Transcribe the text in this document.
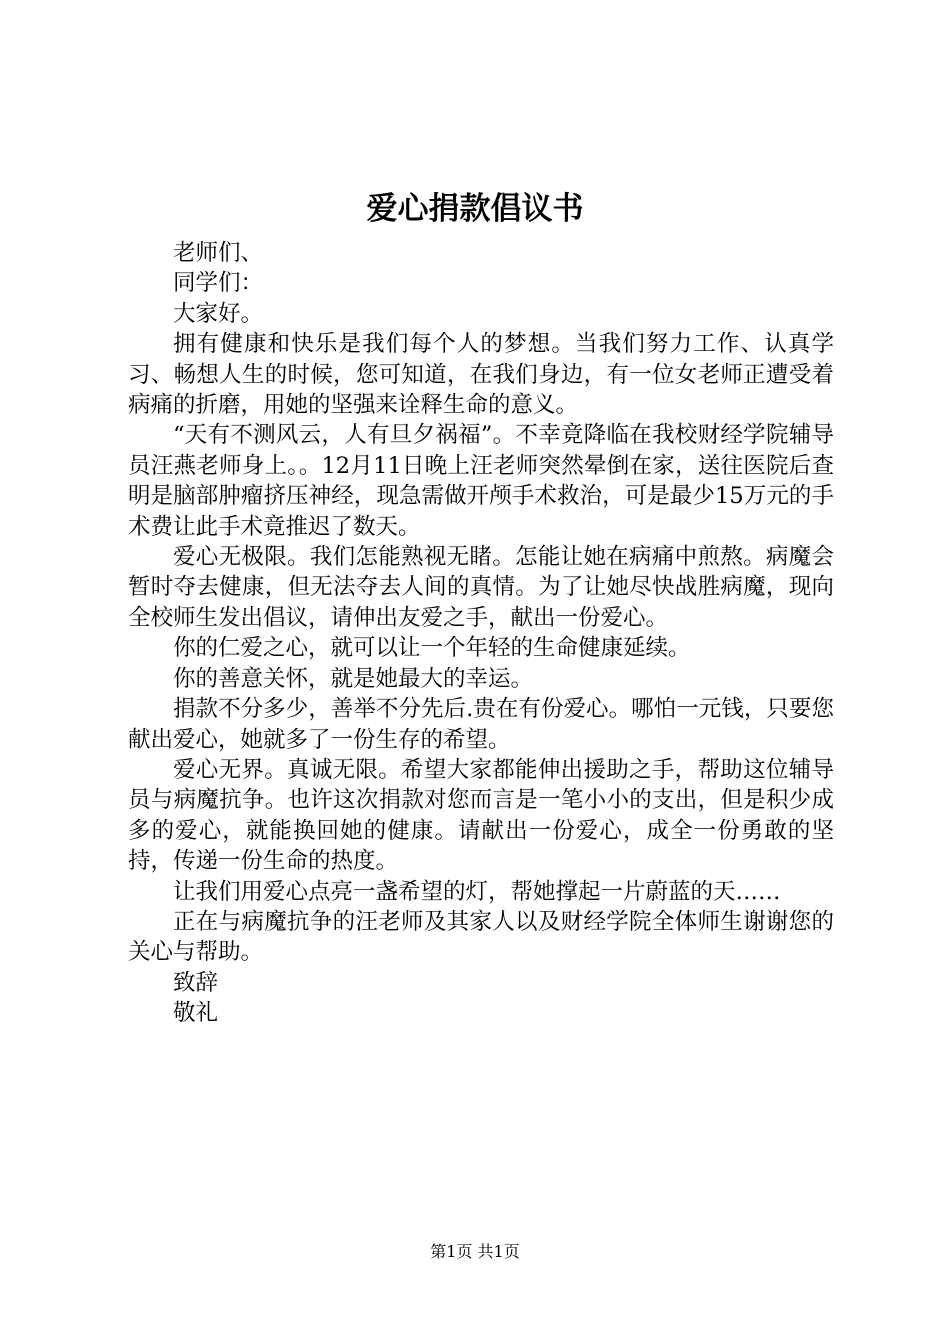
爱心捐款倡议书

老师们、

同学们：

大家好。

拥有健康和快乐是我们每个人的梦想。当我们努力工作、认真学习、畅想人生的时候，您可知道，在我们身边，有一位女老师正遭受着病痛的折磨，用她的坚强来诠释生命的意义。

“天有不测风云，人有旦夕祸福”。不幸竟降临在我校财经学院辅导员汪燕老师身上。。12月11日晚上汪老师突然晕倒在家，送往医院后查明是脑部肿瘤挤压神经，现急需做开颅手术救治，可是最少15万元的手术费让此手术竟推迟了数天。

爱心无极限。我们怎能熟视无睹。怎能让她在病痛中煎熬。病魔会暂时夺去健康，但无法夺去人间的真情。为了让她尽快战胜病魔，现向全校师生发出倡议，请伸出友爱之手，献出一份爱心。

你的仁爱之心，就可以让一个年轻的生命健康延续。

你的善意关怀，就是她最大的幸运。

捐款不分多少，善举不分先后.贵在有份爱心。哪怕一元钱，只要您献出爱心，她就多了一份生存的希望。

爱心无界。真诚无限。希望大家都能伸出援助之手，帮助这位辅导员与病魔抗争。也许这次捐款对您而言是一笔小小的支出，但是积少成多的爱心，就能换回她的健康。请献出一份爱心，成全一份勇敢的坚持，传递一份生命的热度。

让我们用爱心点亮一盏希望的灯，帮她撑起一片蔚蓝的天……

正在与病魔抗争的汪老师及其家人以及财经学院全体师生谢谢您的关心与帮助。

致辞

敬礼

第1页 共1页
